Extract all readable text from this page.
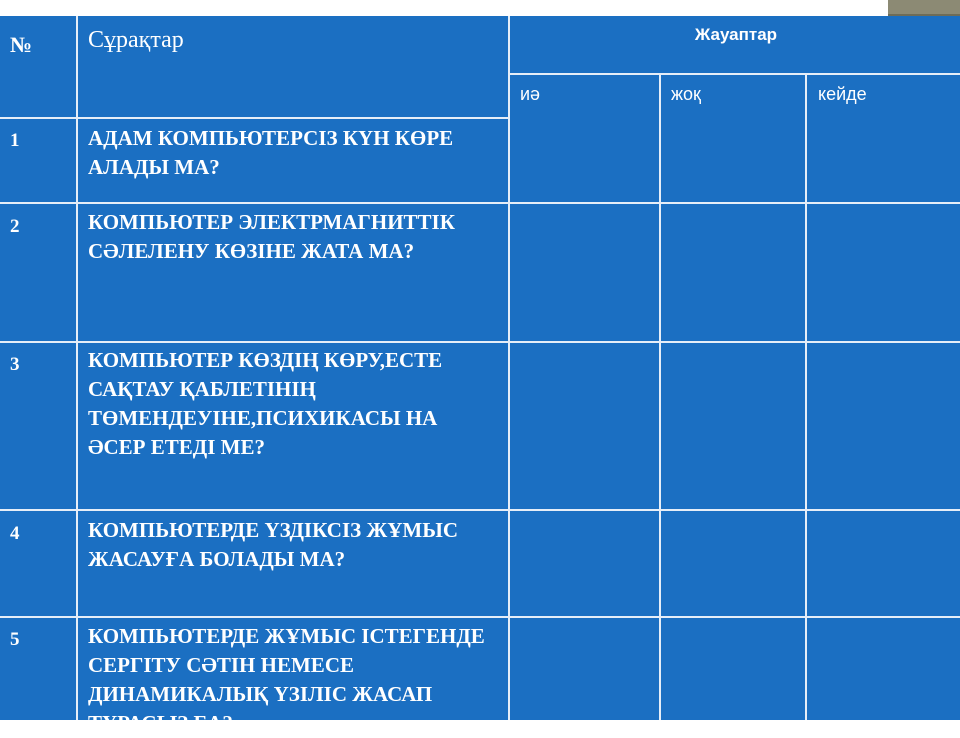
№ Сұрақтар	Жауаптар
иә	жоқ	кейде
1	АДАМ КОМПЬЮТЕРСІЗ КҮН КӨРЕ АЛАДЫ МА?
2	КОМПЬЮТЕР ЭЛЕКТРМАГНИТТІК СӘЛЕЛЕНУ КӨЗІНЕ ЖАТА МА?
3	КОМПЬЮТЕР КӨЗДІҢ КӨРУ,ЕСТЕ САҚТАУ ҚАБЛЕТІНІҢ ТӨМЕНДЕУІНЕ,ПСИХИКАСЫ НА ӘСЕР ЕТЕДІ МЕ?
4	КОМПЬЮТЕРДЕ ҮЗДІКСІЗ ЖҰМЫС ЖАСАУҒА БОЛАДЫ МА?
5	КОМПЬЮТЕРДЕ ЖҰМЫС ІСТЕГЕНДЕ СЕРГІТУ СӘТІН НЕМЕСЕ ДИНАМИКАЛЫҚ ҮЗІЛІС ЖАСАП ТҰРАСЫЗ БА?
